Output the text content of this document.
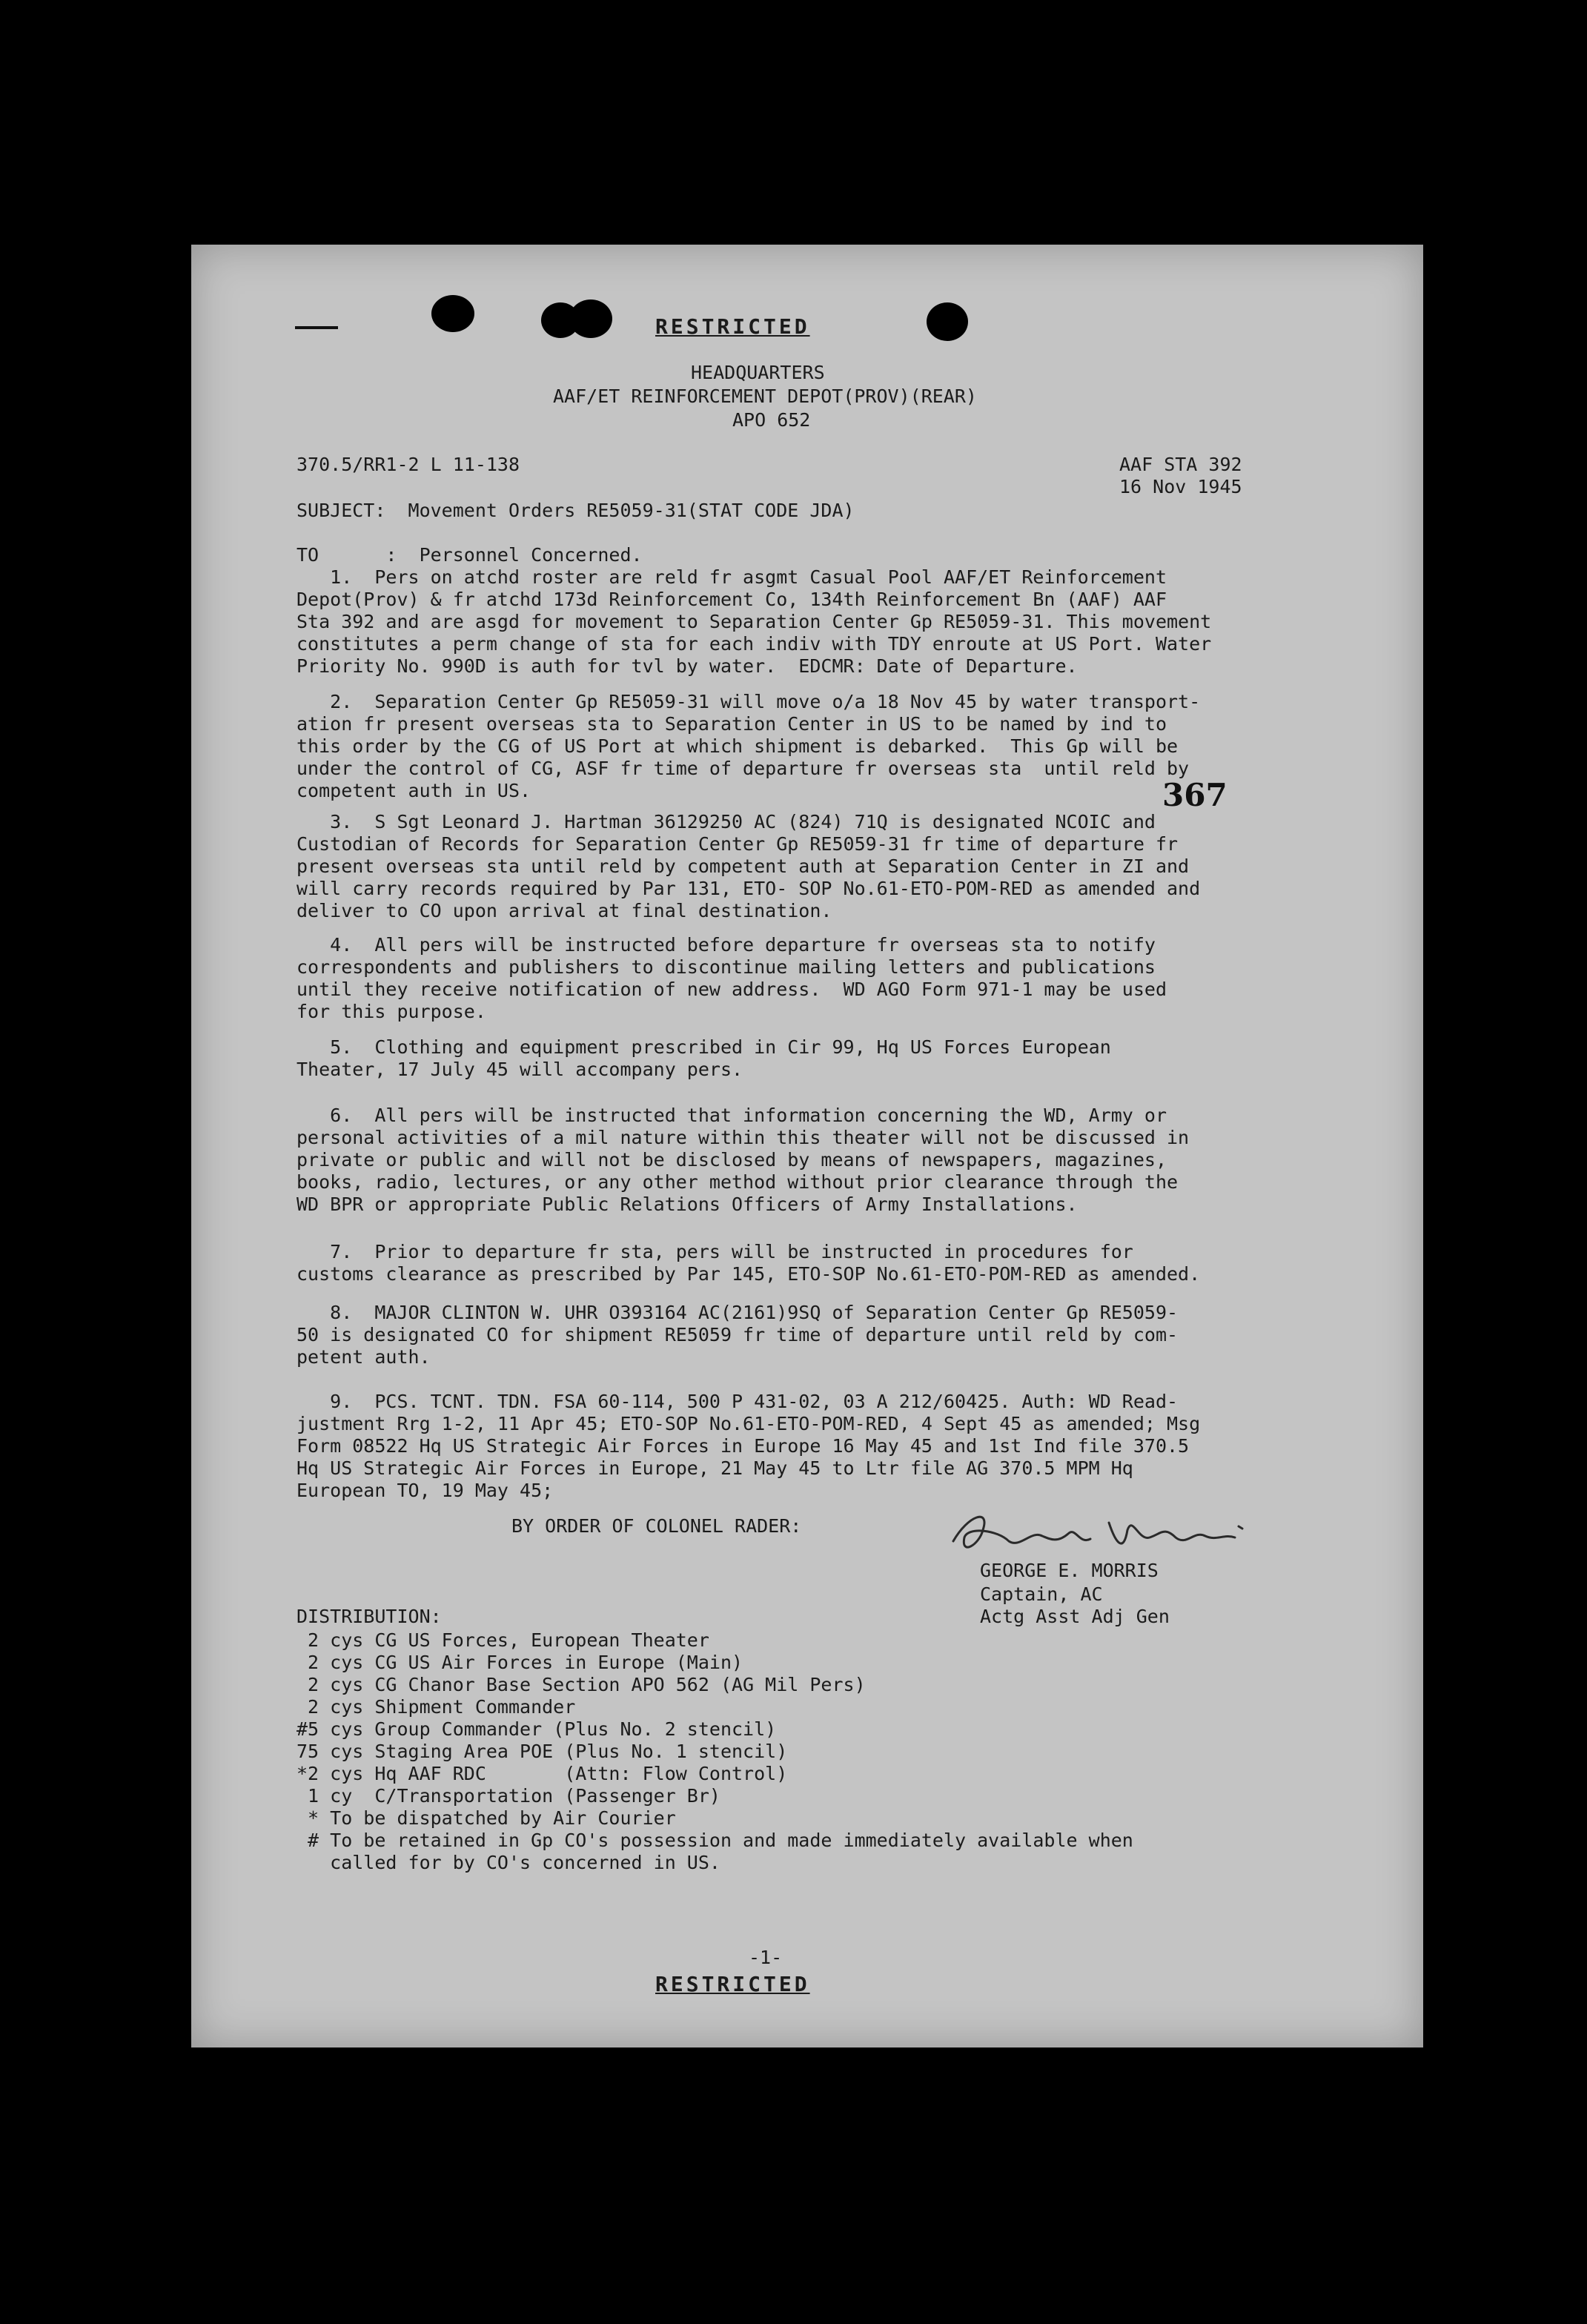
RESTRICTED
HEADQUARTERS
AAF/ET REINFORCEMENT DEPOT(PROV)(REAR)
APO 652
370.5/RR1-2 L 11-138	AAF STA 392
16 Nov 1945
SUBJECT:  Movement Orders RE5059-31(STAT CODE JDA)
TO      :  Personnel Concerned.
1.  Pers on atchd roster are reld fr asgmt Casual Pool AAF/ET Reinforcement
Depot(Prov) & fr atchd 173d Reinforcement Co, 134th Reinforcement Bn (AAF) AAF
Sta 392 and are asgd for movement to Separation Center Gp RE5059-31. This movement
constitutes a perm change of sta for each indiv with TDY enroute at US Port. Water
Priority No. 990D is auth for tvl by water.  EDCMR: Date of Departure.
2.  Separation Center Gp RE5059-31 will move o/a 18 Nov 45 by water transport-
ation fr present overseas sta to Separation Center in US to be named by ind to
this order by the CG of US Port at which shipment is debarked.  This Gp will be
under the control of CG, ASF fr time of departure fr overseas sta  until reld by
competent auth in US.	367
3.  S Sgt Leonard J. Hartman 36129250 AC (824) 71Q is designated NCOIC and
Custodian of Records for Separation Center Gp RE5059-31 fr time of departure fr
present overseas sta until reld by competent auth at Separation Center in ZI and
will carry records required by Par 131, ETO- SOP No.61-ETO-POM-RED as amended and
deliver to CO upon arrival at final destination.
4.  All pers will be instructed before departure fr overseas sta to notify
correspondents and publishers to discontinue mailing letters and publications
until they receive notification of new address.  WD AGO Form 971-1 may be used
for this purpose.
5.  Clothing and equipment prescribed in Cir 99, Hq US Forces European
Theater, 17 July 45 will accompany pers.
6.  All pers will be instructed that information concerning the WD, Army or
personal activities of a mil nature within this theater will not be discussed in
private or public and will not be disclosed by means of newspapers, magazines,
books, radio, lectures, or any other method without prior clearance through the
WD BPR or appropriate Public Relations Officers of Army Installations.
7.  Prior to departure fr sta, pers will be instructed in procedures for
customs clearance as prescribed by Par 145, ETO-SOP No.61-ETO-POM-RED as amended.
8.  MAJOR CLINTON W. UHR O393164 AC(2161)9SQ of Separation Center Gp RE5059-
50 is designated CO for shipment RE5059 fr time of departure until reld by com-
petent auth.
9.  PCS. TCNT. TDN. FSA 60-114, 500 P 431-02, 03 A 212/60425. Auth: WD Read-
justment Rrg 1-2, 11 Apr 45; ETO-SOP No.61-ETO-POM-RED, 4 Sept 45 as amended; Msg
Form 08522 Hq US Strategic Air Forces in Europe 16 May 45 and 1st Ind file 370.5
Hq US Strategic Air Forces in Europe, 21 May 45 to Ltr file AG 370.5 MPM Hq
European TO, 19 May 45;
BY ORDER OF COLONEL RADER:
GEORGE E. MORRIS
Captain, AC
Actg Asst Adj Gen
DISTRIBUTION:
2 cys CG US Forces, European Theater
2 cys CG US Air Forces in Europe (Main)
2 cys CG Chanor Base Section APO 562 (AG Mil Pers)
2 cys Shipment Commander
#5 cys Group Commander (Plus No. 2 stencil)
75 cys Staging Area POE (Plus No. 1 stencil)
*2 cys Hq AAF RDC       (Attn: Flow Control)
1 cy  C/Transportation (Passenger Br)
* To be dispatched by Air Courier
# To be retained in Gp CO's possession and made immediately available when
called for by CO's concerned in US.
-1-
RESTRICTED
